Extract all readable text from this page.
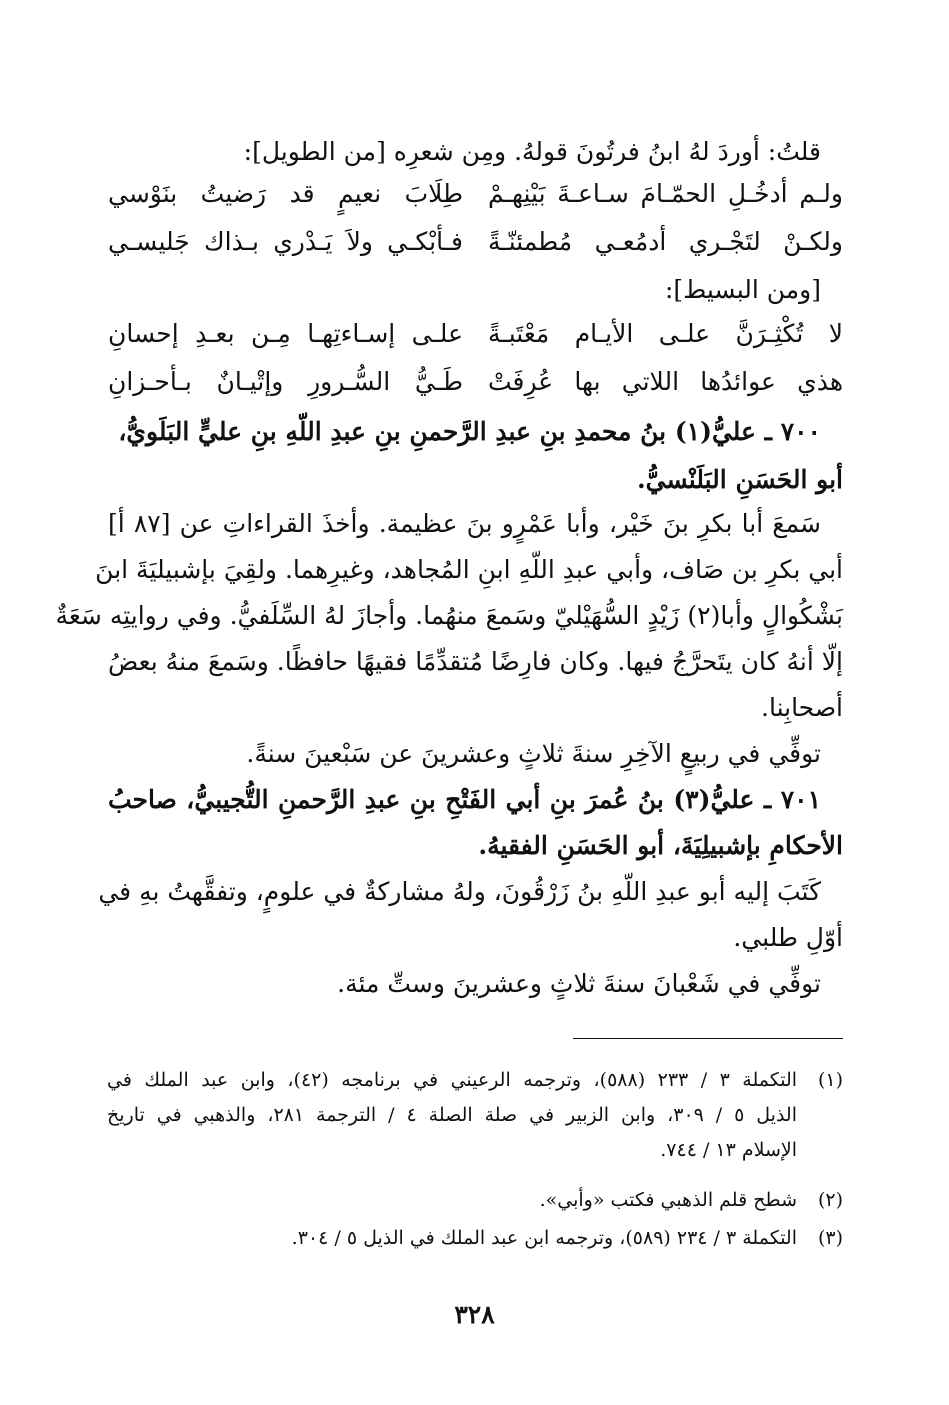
قلتُ: أوردَ لهُ ابنُ فرتُونَ قولهُ. ومِن شعرِه [من الطويل]:
ولـم أدخُـلِ الحمّـامَ سـاعـةَ بَيْنِهـمْ
طِلَابَ نعيمٍ قد رَضيتُ بنَوْسي
ولكـنْ لتَجْـري أدمُعـي مُطمئنّـةً
فـأبْكـي ولاَ يَـدْري بـذاك جَليسـي
[ومن البسيط]:
لا تُكْثِـرَنَّ علـى الأيـام مَعْتَبـةً
علـى إسـاءتِهـا مِـن بعـدِ إحسانِ
هذي عوائدُها اللاتي بها عُرِفَتْ
طَـيُّ السُّـرورِ وإتْيـانٌ بـأحـزانِ
٧٠٠ ـ عليُّ(١) بنُ محمدِ بنِ عبدِ الرَّحمنِ بنِ عبدِ اللّهِ بنِ عليٍّ البَلَويُّ،
أبو الحَسَنِ البَلَنْسيُّ.
سَمعَ أبا بكرِ بنَ خَيْر، وأبا عَمْرٍو بنَ عظيمة. وأخذَ القراءاتِ عن [٨٧ أ]
أبي بكرِ بن صَاف، وأبي عبدِ اللّهِ ابنِ المُجاهد، وغيرِهما. ولقِيَ بإشبيليَةَ ابنَ
بَشْكُوالٍ وأبا(٢) زَيْدٍ السُّهَيْليّ وسَمعَ منهُما. وأجازَ لهُ السِّلَفيُّ. وفي روايتِه سَعَةٌ
إلّا أنهُ كان يتَحرَّجُ فيها. وكان فارِضًا مُتقدِّمًا فقيهًا حافظًا. وسَمعَ منهُ بعضُ
أصحابِنا.
توفِّي في ربيعٍ الآخِرِ سنةَ ثلاثٍ وعشرينَ عن سَبْعينَ سنةً.
٧٠١ ـ عليُّ(٣) بنُ عُمرَ بنِ أبي الفَتْحِ بنِ عبدِ الرَّحمنِ التُّجيبيُّ، صاحبُ
الأحكامِ بإشبيلِيَةَ، أبو الحَسَنِ الفقيهُ.
كَتَبَ إليه أبو عبدِ اللّهِ بنُ زَرْقُونَ، ولهُ مشاركةٌ في علومٍ، وتفقَّهتُ بهِ في
أوّلِ طلبي.
توفِّي في شَعْبانَ سنةَ ثلاثٍ وعشرينَ وستِّ مئة.
(١)
التكملة ٣ / ٢٣٣ (٥٨٨)، وترجمه الرعيني في برنامجه (٤٢)، وابن عبد الملك في
الذيل ٥ / ٣٠٩، وابن الزبير في صلة الصلة ٤ / الترجمة ٢٨١، والذهبي في تاريخ
الإسلام ١٣ / ٧٤٤.
(٢)
شطح قلم الذهبي فكتب «وأبي».
(٣)
التكملة ٣ / ٢٣٤ (٥٨٩)، وترجمه ابن عبد الملك في الذيل ٥ / ٣٠٤.
٣٢٨
